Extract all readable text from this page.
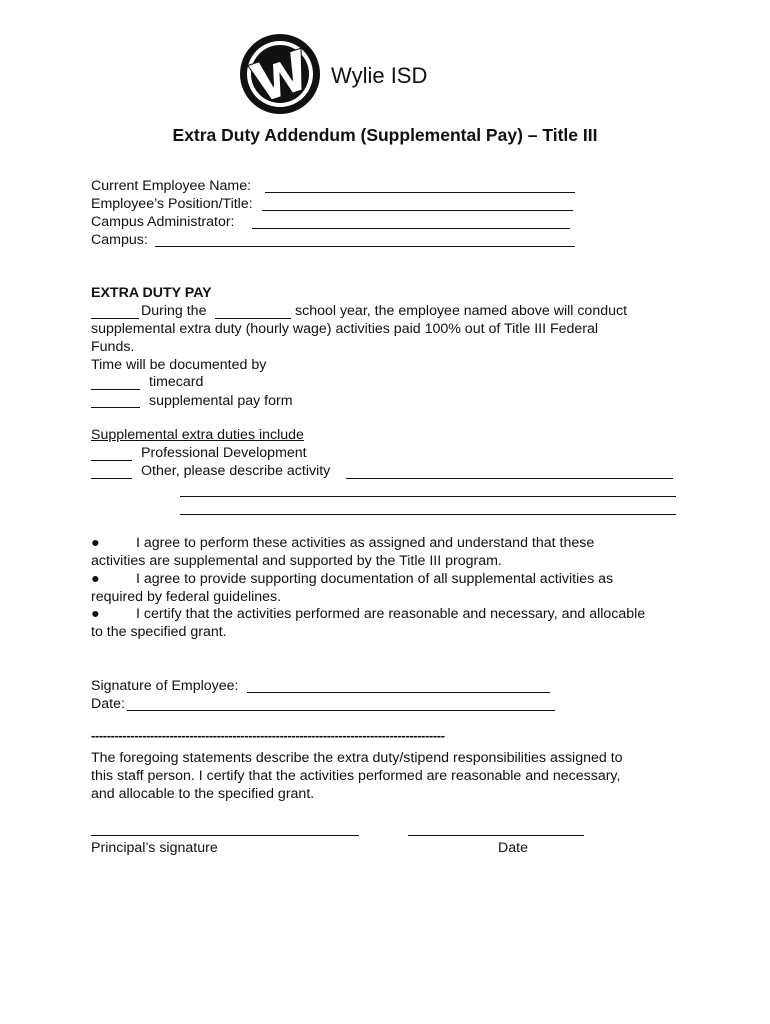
Wylie ISD
Extra Duty Addendum (Supplemental Pay) – Title III
Current Employee Name:
Employee’s Position/Title:
Campus Administrator:
Campus:
EXTRA DUTY PAY
During the	school year, the employee named above will conduct
supplemental extra duty (hourly wage) activities paid 100% out of Title III Federal
Funds.
Time will be documented by
timecard
supplemental pay form
Supplemental extra duties include
Professional Development
Other, please describe activity
●	I agree to perform these activities as assigned and understand that these
activities are supplemental and supported by the Title III program.
●	I agree to provide supporting documentation of all supplemental activities as
required by federal guidelines.
●	I certify that the activities performed are reasonable and necessary, and allocable
to the specified grant.
Signature of Employee:
Date:
------------------------------------------------------------------------------------------
The foregoing statements describe the extra duty/stipend responsibilities assigned to
this staff person. I certify that the activities performed are reasonable and necessary,
and allocable to the specified grant.
Principal’s signature	Date
